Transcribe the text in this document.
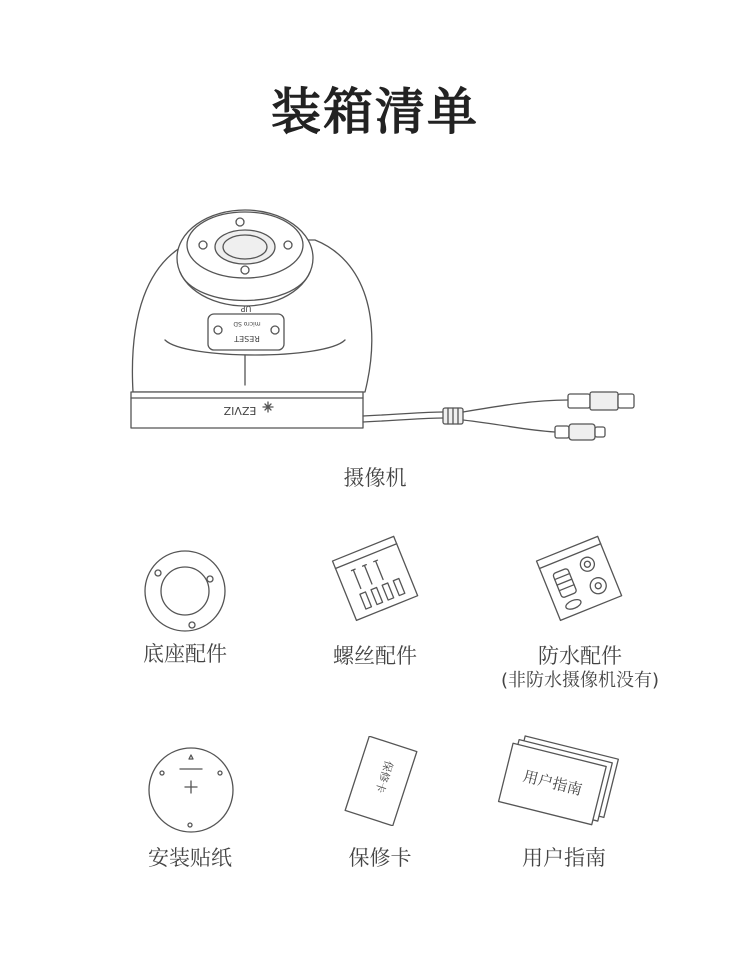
装箱清单
UP
micro SD
RESET
EZVIZ
摄像机
底座配件	螺丝配件	防水配件
(非防水摄像机没有)
安装贴纸
保修卡
保修卡
用户指南
用户指南
